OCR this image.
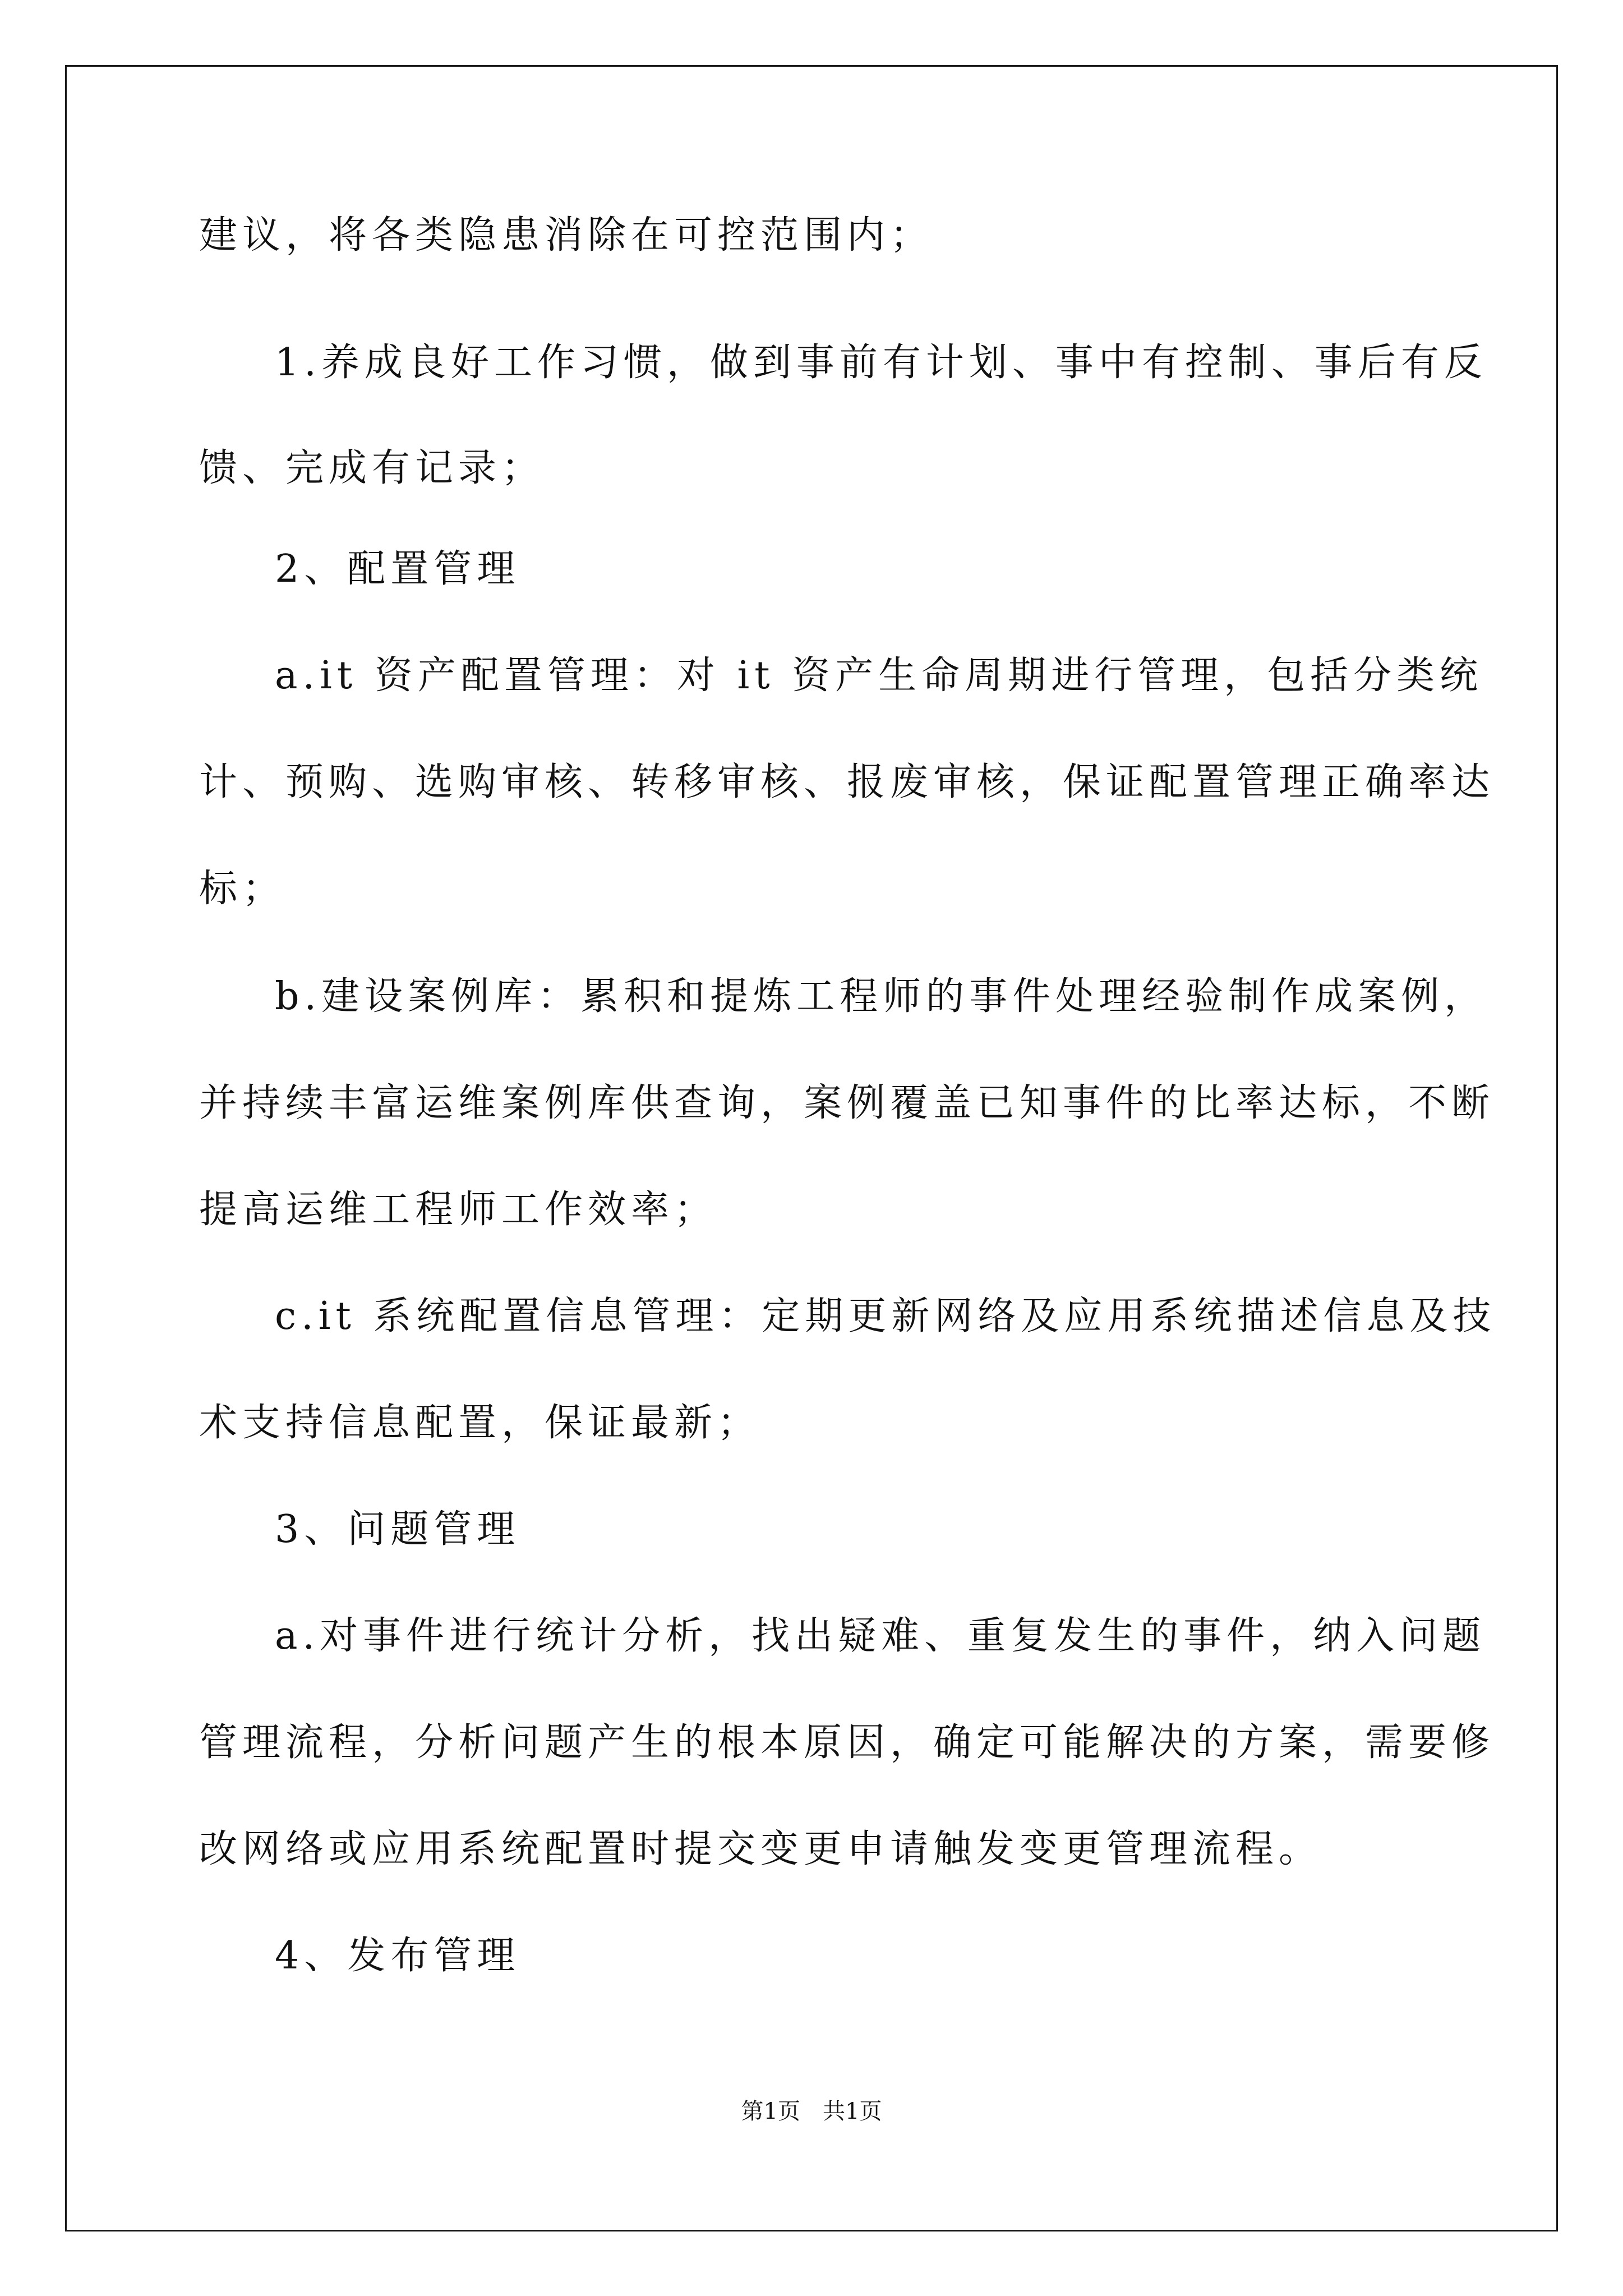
建议，将各类隐患消除在可控范围内；
1.养成良好工作习惯，做到事前有计划、事中有控制、事后有反
馈、完成有记录；
2、配置管理
a.it 资产配置管理：对 it 资产生命周期进行管理，包括分类统
计、预购、选购审核、转移审核、报废审核，保证配置管理正确率达
标；
b.建设案例库：累积和提炼工程师的事件处理经验制作成案例，
并持续丰富运维案例库供查询，案例覆盖已知事件的比率达标，不断
提高运维工程师工作效率；
c.it 系统配置信息管理：定期更新网络及应用系统描述信息及技
术支持信息配置，保证最新；
3、问题管理
a.对事件进行统计分析，找出疑难、重复发生的事件，纳入问题
管理流程，分析问题产生的根本原因，确定可能解决的方案，需要修
改网络或应用系统配置时提交变更申请触发变更管理流程。
4、发布管理
第1页　共1页
